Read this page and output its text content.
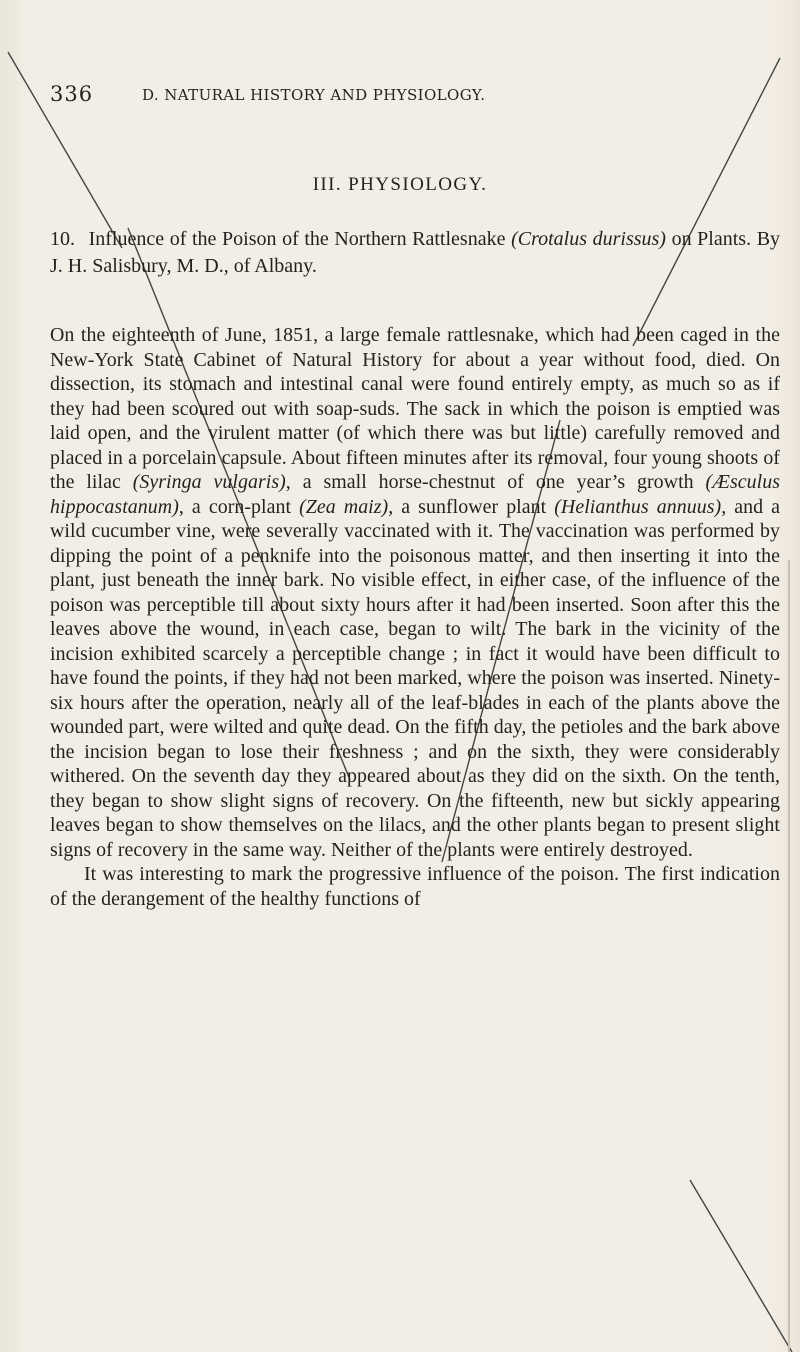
336	D. NATURAL HISTORY AND PHYSIOLOGY.
III. PHYSIOLOGY.
10. Influence of the Poison of the Northern Rattlesnake (Crotalus durissus) on Plants. By J. H. Salisbury, M. D., of Albany.

On the eighteenth of June, 1851, a large female rattlesnake, which had been caged in the New-York State Cabinet of Natural History for about a year without food, died. On dissection, its stomach and intestinal canal were found entirely empty, as much so as if they had been scoured out with soap-suds. The sack in which the poison is emptied was laid open, and the virulent matter (of which there was but little) carefully removed and placed in a porcelain capsule. About fifteen minutes after its removal, four young shoots of the lilac (Syringa vulgaris), a small horse-chestnut of one year’s growth (Æsculus hippocastanum), a corn-plant (Zea maiz), a sunflower plant (Helianthus annuus), and a wild cucumber vine, were severally vaccinated with it. The vaccination was performed by dipping the point of a penknife into the poisonous matter, and then inserting it into the plant, just beneath the inner bark. No visible effect, in either case, of the influence of the poison was perceptible till about sixty hours after it had been inserted. Soon after this the leaves above the wound, in each case, began to wilt. The bark in the vicinity of the incision exhibited scarcely a perceptible change ; in fact it would have been difficult to have found the points, if they had not been marked, where the poison was inserted. Ninety-six hours after the operation, nearly all of the leaf-blades in each of the plants above the wounded part, were wilted and quite dead. On the fifth day, the petioles and the bark above the incision began to lose their freshness ; and on the sixth, they were considerably withered. On the seventh day they appeared about as they did on the sixth. On the tenth, they began to show slight signs of recovery. On the fifteenth, new but sickly appearing leaves began to show themselves on the lilacs, and the other plants began to present slight signs of recovery in the same way. Neither of the plants were entirely destroyed.

It was interesting to mark the progressive influence of the poison. The first indication of the derangement of the healthy functions of
